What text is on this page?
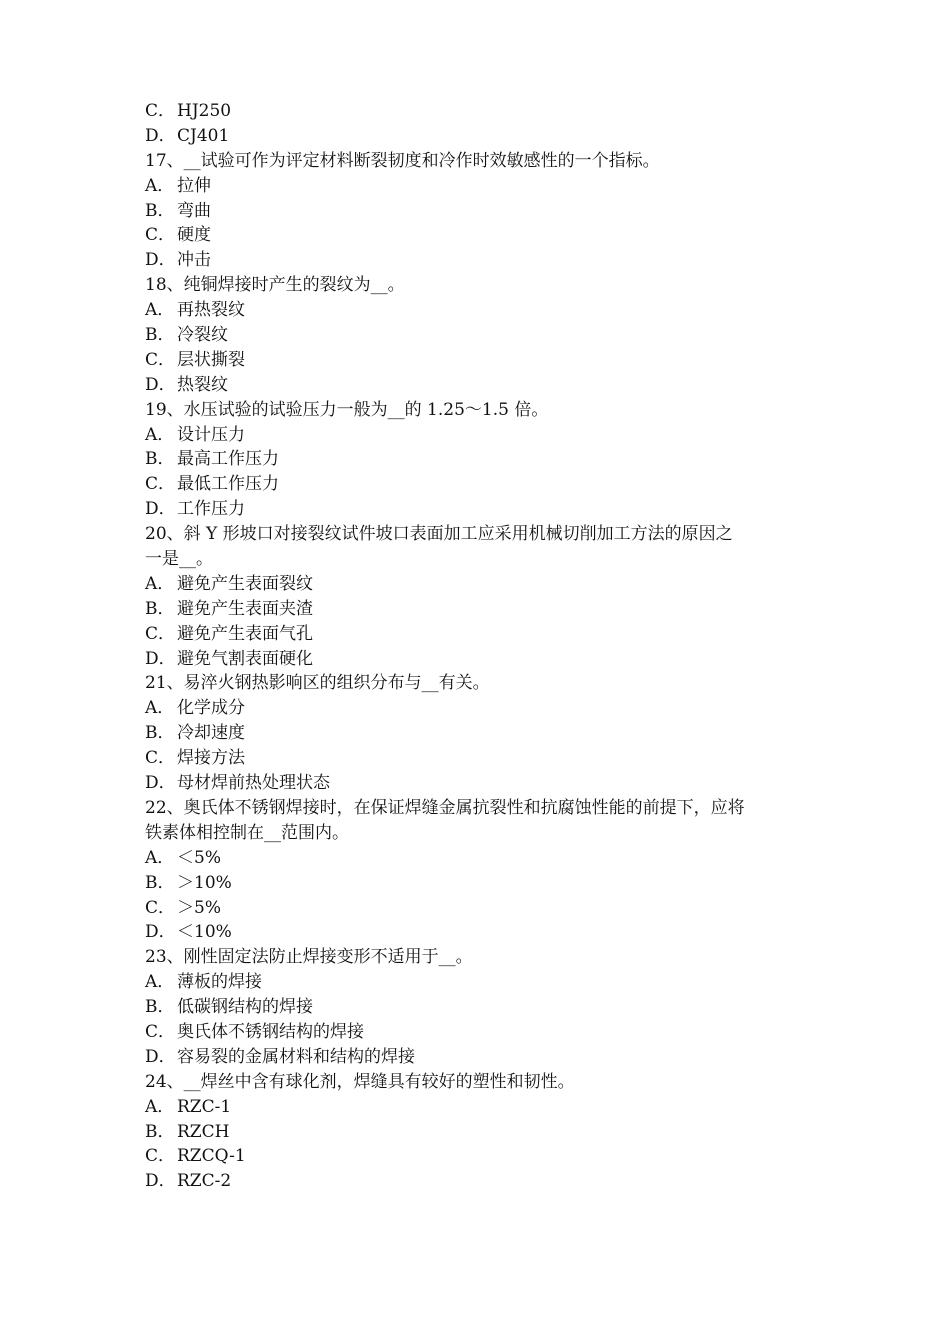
C． HJ250
D．CJ401
17、__试验可作为评定材料断裂韧度和冷作时效敏感性的一个指标。
A． 拉伸
B． 弯曲
C． 硬度
D．冲击
18、纯铜焊接时产生的裂纹为__。
A． 再热裂纹
B． 冷裂纹
C． 层状撕裂
D．热裂纹
19、水压试验的试验压力一般为__的 1.25～1.5 倍。
A． 设计压力
B． 最高工作压力
C． 最低工作压力
D．工作压力
20、斜 Y 形坡口对接裂纹试件坡口表面加工应采用机械切削加工方法的原因之
一是__。
A． 避免产生表面裂纹
B． 避免产生表面夹渣
C． 避免产生表面气孔
D．避免气割表面硬化
21、易淬火钢热影响区的组织分布与__有关。
A． 化学成分
B． 冷却速度
C． 焊接方法
D．母材焊前热处理状态
22、奥氏体不锈钢焊接时，在保证焊缝金属抗裂性和抗腐蚀性能的前提下，应将
铁素体相控制在__范围内。
A． ＜5%
B． ＞10%
C． ＞5%
D．＜10%
23、刚性固定法防止焊接变形不适用于__。
A． 薄板的焊接
B． 低碳钢结构的焊接
C． 奥氏体不锈钢结构的焊接
D．容易裂的金属材料和结构的焊接
24、__焊丝中含有球化剂，焊缝具有较好的塑性和韧性。
A． RZC-1
B． RZCH
C． RZCQ-1
D．RZC-2
